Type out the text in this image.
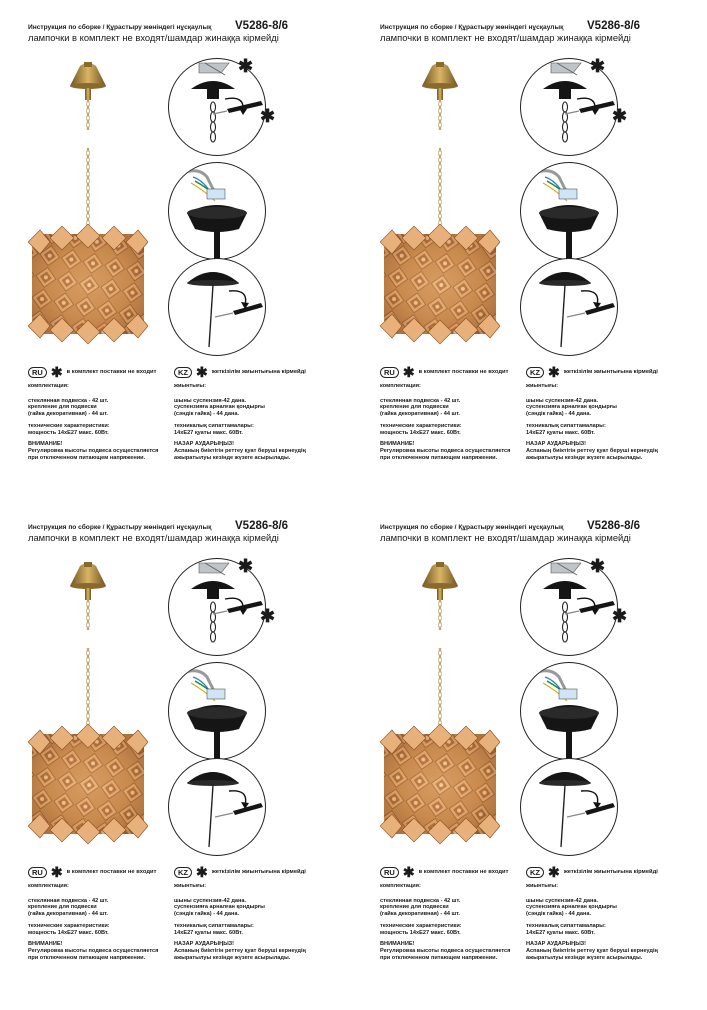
Инструкция по сборке / Құрастыру жөніндегі нұсқаулық V5286-8/6
лампочки в комплект не входят/шамдар жинаққа кірмейді
✱
✱
RU ✱ в комплект поставки не входит
комплектация:
стеклянная подвеска - 42 шт.
крепление для подвески
(гайка декоративная) - 44 шт.
технические характеристики:
мощность 14хЕ27 макс. 60Вт.
ВНИМАНИЕ!
Регулировка высоты подвеса осуществляется
при отключенном питающем напряжении.
KZ ✱ жеткізілім жиынтығына кірмейді
жиынтығы:
шыны суспензия-42 дана.
суспензияға арналған қондырғы
(сәндік гайка) - 44 дана.
техникалық сипаттамалары:
14хЕ27 қуаты макс. 60Вт.
НАЗАР АУДАРЫҢЫЗ!
Аспаның биіктігін реттеу қуат беруші кернеудің
ажыратылуы кезінде жүзеге асырылады.
Инструкция по сборке / Құрастыру жөніндегі нұсқаулық V5286-8/6
лампочки в комплект не входят/шамдар жинаққа кірмейді
✱
✱
RU ✱ в комплект поставки не входит
комплектация:
стеклянная подвеска - 42 шт.
крепление для подвески
(гайка декоративная) - 44 шт.
технические характеристики:
мощность 14хЕ27 макс. 60Вт.
ВНИМАНИЕ!
Регулировка высоты подвеса осуществляется
при отключенном питающем напряжении.
KZ ✱ жеткізілім жиынтығына кірмейді
жиынтығы:
шыны суспензия-42 дана.
суспензияға арналған қондырғы
(сәндік гайка) - 44 дана.
техникалық сипаттамалары:
14хЕ27 қуаты макс. 60Вт.
НАЗАР АУДАРЫҢЫЗ!
Аспаның биіктігін реттеу қуат беруші кернеудің
ажыратылуы кезінде жүзеге асырылады.
Инструкция по сборке / Құрастыру жөніндегі нұсқаулық V5286-8/6
лампочки в комплект не входят/шамдар жинаққа кірмейді
✱
✱
RU ✱ в комплект поставки не входит
комплектация:
стеклянная подвеска - 42 шт.
крепление для подвески
(гайка декоративная) - 44 шт.
технические характеристики:
мощность 14хЕ27 макс. 60Вт.
ВНИМАНИЕ!
Регулировка высоты подвеса осуществляется
при отключенном питающем напряжении.
KZ ✱ жеткізілім жиынтығына кірмейді
жиынтығы:
шыны суспензия-42 дана.
суспензияға арналған қондырғы
(сәндік гайка) - 44 дана.
техникалық сипаттамалары:
14хЕ27 қуаты макс. 60Вт.
НАЗАР АУДАРЫҢЫЗ!
Аспаның биіктігін реттеу қуат беруші кернеудің
ажыратылуы кезінде жүзеге асырылады.
Инструкция по сборке / Құрастыру жөніндегі нұсқаулық V5286-8/6
лампочки в комплект не входят/шамдар жинаққа кірмейді
✱
✱
RU ✱ в комплект поставки не входит
комплектация:
стеклянная подвеска - 42 шт.
крепление для подвески
(гайка декоративная) - 44 шт.
технические характеристики:
мощность 14хЕ27 макс. 60Вт.
ВНИМАНИЕ!
Регулировка высоты подвеса осуществляется
при отключенном питающем напряжении.
KZ ✱ жеткізілім жиынтығына кірмейді
жиынтығы:
шыны суспензия-42 дана.
суспензияға арналған қондырғы
(сәндік гайка) - 44 дана.
техникалық сипаттамалары:
14хЕ27 қуаты макс. 60Вт.
НАЗАР АУДАРЫҢЫЗ!
Аспаның биіктігін реттеу қуат беруші кернеудің
ажыратылуы кезінде жүзеге асырылады.
